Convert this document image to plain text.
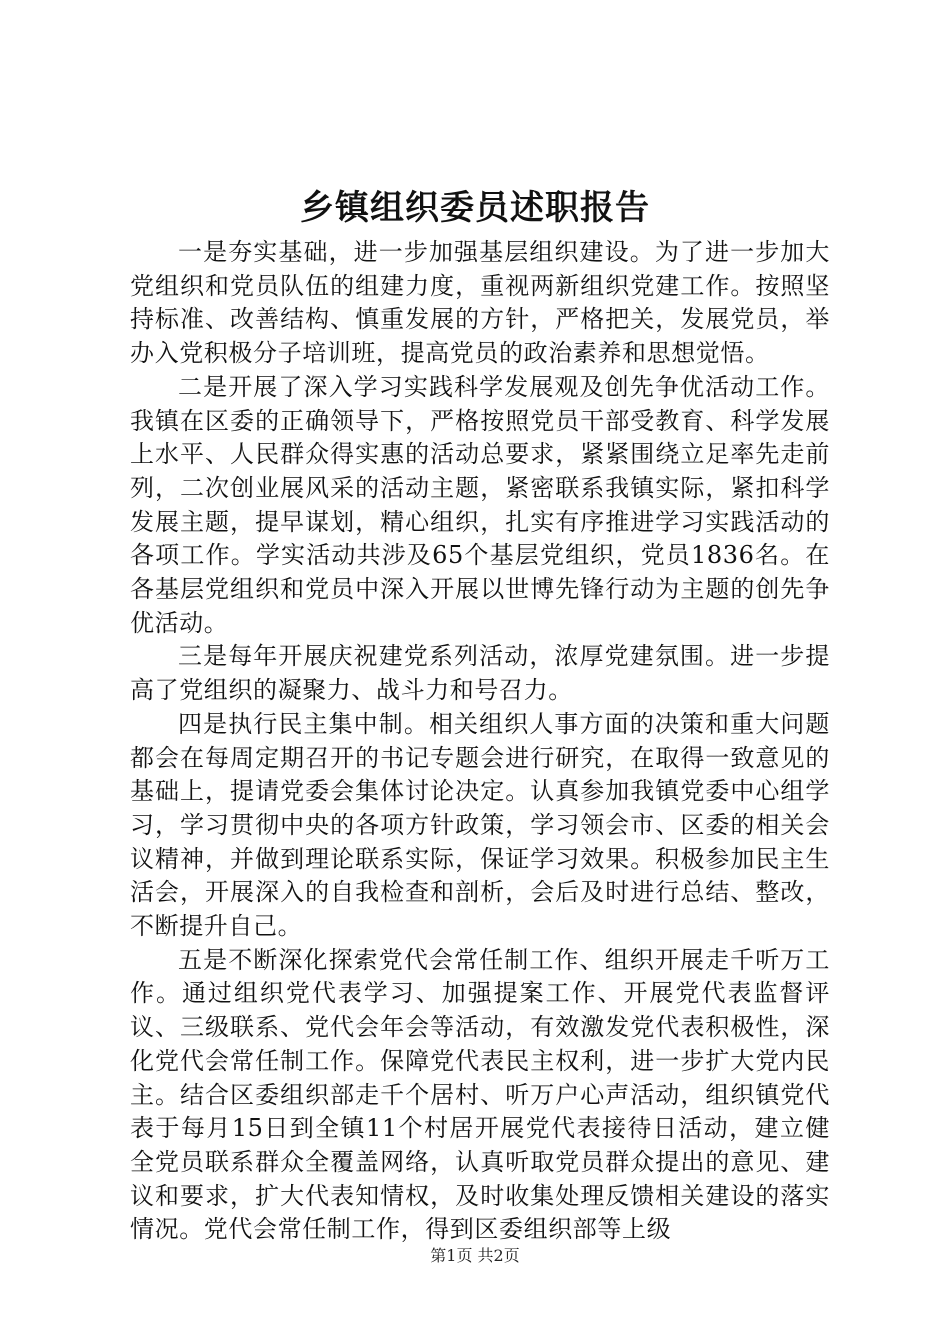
乡镇组织委员述职报告

一是夯实基础，进一步加强基层组织建设。为了进一步加大党组织和党员队伍的组建力度，重视两新组织党建工作。按照坚持标准、改善结构、慎重发展的方针，严格把关，发展党员，举办入党积极分子培训班，提高党员的政治素养和思想觉悟。

二是开展了深入学习实践科学发展观及创先争优活动工作。我镇在区委的正确领导下，严格按照党员干部受教育、科学发展上水平、人民群众得实惠的活动总要求，紧紧围绕立足率先走前列，二次创业展风采的活动主题，紧密联系我镇实际，紧扣科学发展主题，提早谋划，精心组织，扎实有序推进学习实践活动的各项工作。学实活动共涉及65个基层党组织，党员1836名。在各基层党组织和党员中深入开展以世博先锋行动为主题的创先争优活动。

三是每年开展庆祝建党系列活动，浓厚党建氛围。进一步提高了党组织的凝聚力、战斗力和号召力。

四是执行民主集中制。相关组织人事方面的决策和重大问题都会在每周定期召开的书记专题会进行研究，在取得一致意见的基础上，提请党委会集体讨论决定。认真参加我镇党委中心组学习，学习贯彻中央的各项方针政策，学习领会市、区委的相关会议精神，并做到理论联系实际，保证学习效果。积极参加民主生活会，开展深入的自我检查和剖析，会后及时进行总结、整改，不断提升自己。

五是不断深化探索党代会常任制工作、组织开展走千听万工作。通过组织党代表学习、加强提案工作、开展党代表监督评议、三级联系、党代会年会等活动，有效激发党代表积极性，深化党代会常任制工作。保障党代表民主权利，进一步扩大党内民主。结合区委组织部走千个居村、听万户心声活动，组织镇党代表于每月15日到全镇11个村居开展党代表接待日活动，建立健全党员联系群众全覆盖网络，认真听取党员群众提出的意见、建议和要求，扩大代表知情权，及时收集处理反馈相关建设的落实情况。党代会常任制工作，得到区委组织部等上级

第1页 共2页
